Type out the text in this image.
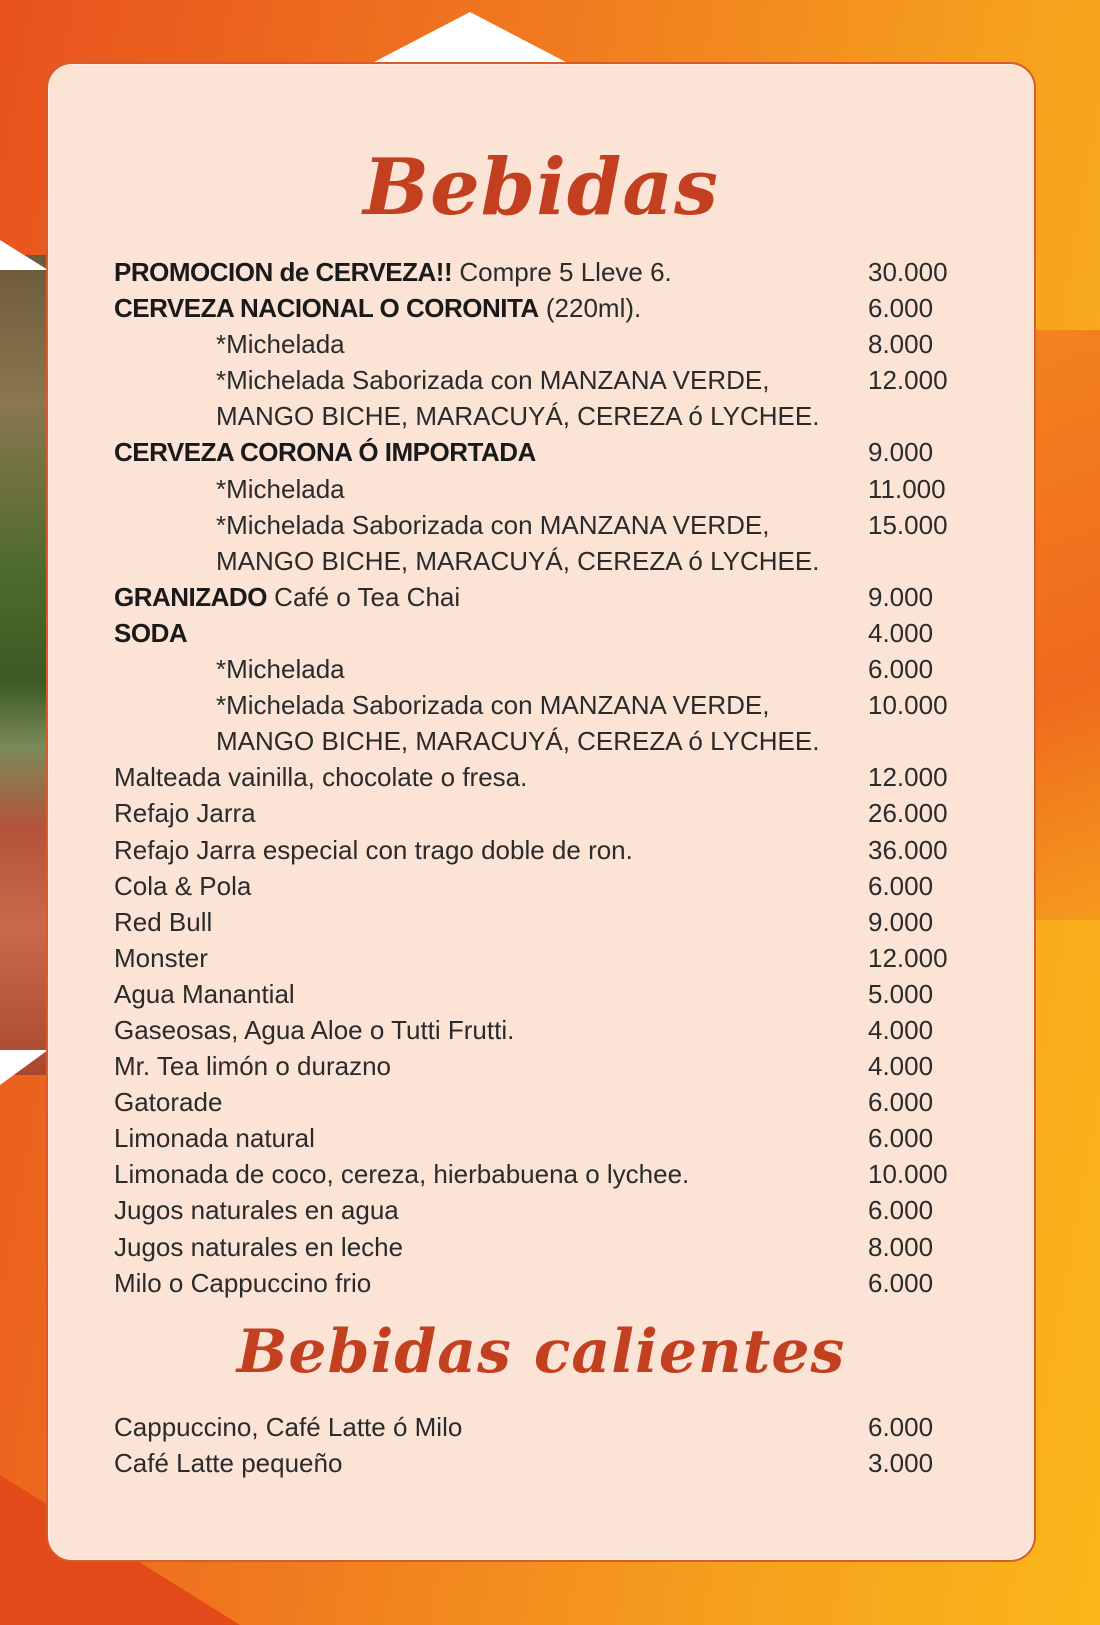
Bebidas
PROMOCION de CERVEZA!! Compre 5 Lleve 6.	30.000
CERVEZA NACIONAL O CORONITA (220ml).	6.000
*Michelada	8.000
*Michelada Saborizada con MANZANA VERDE,	12.000
MANGO BICHE, MARACUYÁ, CEREZA ó LYCHEE.
CERVEZA CORONA Ó IMPORTADA	9.000
*Michelada	11.000
*Michelada Saborizada con MANZANA VERDE,	15.000
MANGO BICHE, MARACUYÁ, CEREZA ó LYCHEE.
GRANIZADO Café o Tea Chai	9.000
SODA	4.000
*Michelada	6.000
*Michelada Saborizada con MANZANA VERDE,	10.000
MANGO BICHE, MARACUYÁ, CEREZA ó LYCHEE.
Malteada vainilla, chocolate o fresa.	12.000
Refajo Jarra	26.000
Refajo Jarra especial con trago doble de ron.	36.000
Cola & Pola	6.000
Red Bull	9.000
Monster	12.000
Agua Manantial	5.000
Gaseosas, Agua Aloe o Tutti Frutti.	4.000
Mr. Tea limón o durazno	4.000
Gatorade	6.000
Limonada natural	6.000
Limonada de coco, cereza, hierbabuena o lychee.	10.000
Jugos naturales en agua	6.000
Jugos naturales en leche	8.000
Milo o Cappuccino frio	6.000
Bebidas calientes
Cappuccino, Café Latte ó Milo	6.000
Café Latte pequeño	3.000
